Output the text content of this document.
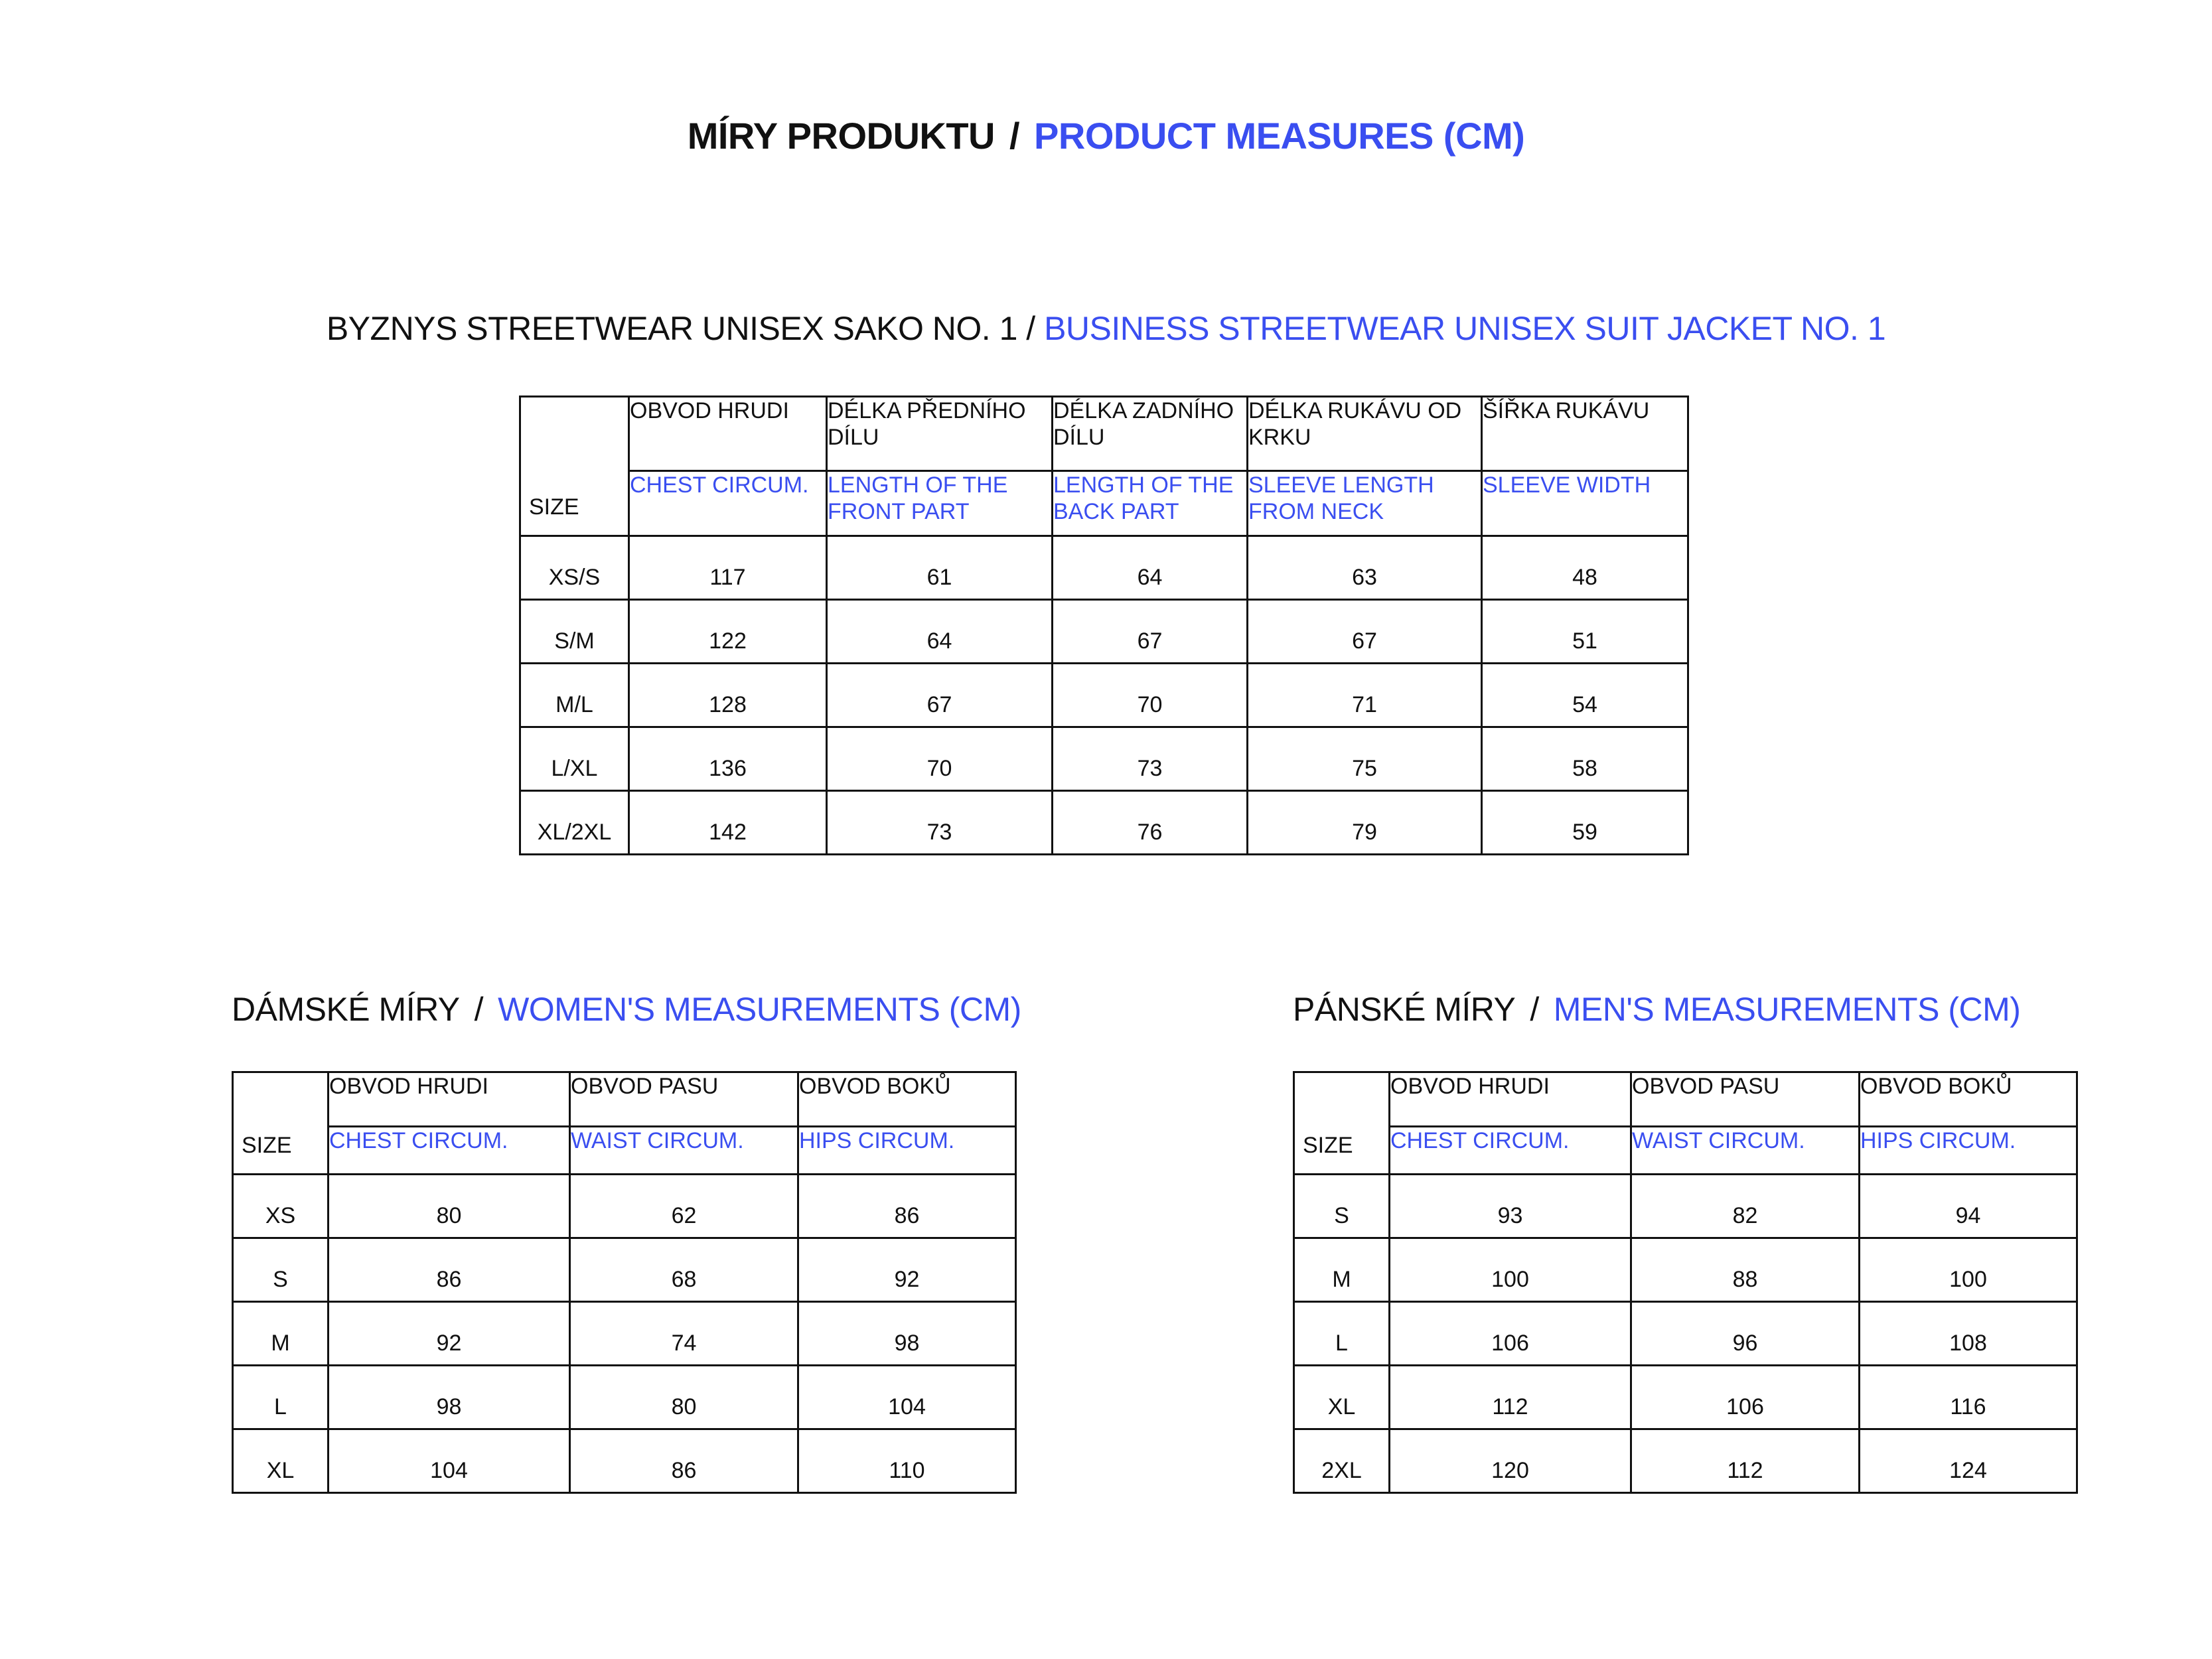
MÍRY PRODUKTU / PRODUCT MEASURES (CM)
BYZNYS STREETWEAR UNISEX SAKO NO. 1 / BUSINESS STREETWEAR UNISEX SUIT JACKET NO. 1
SIZE	OBVOD HRUDI	DÉLKA PŘEDNÍHO DÍLU	DÉLKA ZADNÍHO DÍLU	DÉLKA RUKÁVU OD KRKU	ŠÍŘKA RUKÁVU
	CHEST CIRCUM.	LENGTH OF THE FRONT PART	LENGTH OF THE BACK PART	SLEEVE LENGTH FROM NECK	SLEEVE WIDTH
XS/S	117	61	64	63	48
S/M	122	64	67	67	51
M/L	128	67	70	71	54
L/XL	136	70	73	75	58
XL/2XL	142	73	76	79	59
DÁMSKÉ MÍRY / WOMEN'S MEASUREMENTS (CM)
SIZE	OBVOD HRUDI	OBVOD PASU	OBVOD BOKŮ
	CHEST CIRCUM.	WAIST CIRCUM.	HIPS CIRCUM.
XS	80	62	86
S	86	68	92
M	92	74	98
L	98	80	104
XL	104	86	110
PÁNSKÉ MÍRY / MEN'S MEASUREMENTS (CM)
SIZE	OBVOD HRUDI	OBVOD PASU	OBVOD BOKŮ
	CHEST CIRCUM.	WAIST CIRCUM.	HIPS CIRCUM.
S	93	82	94
M	100	88	100
L	106	96	108
XL	112	106	116
2XL	120	112	124
